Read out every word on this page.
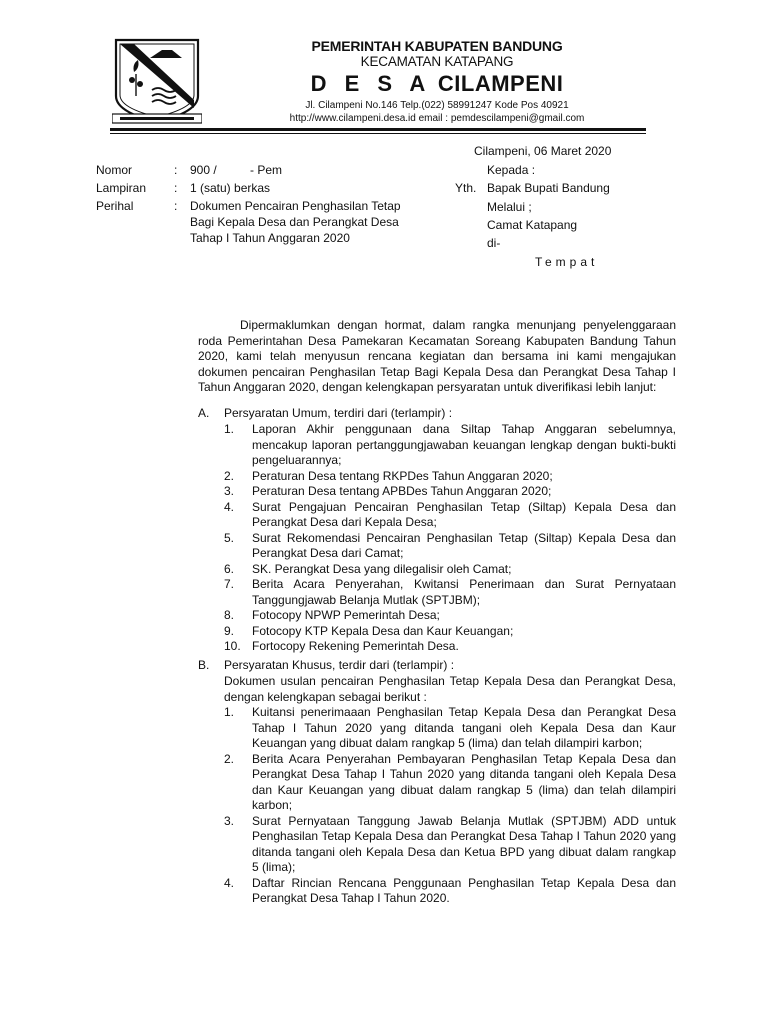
PEMERINTAH KABUPATEN BANDUNG
KECAMATAN KATAPANG
D E S A CILAMPENI
Jl. Cilampeni No.146 Telp.(022) 58991247 Kode Pos 40921
http://www.cilampeni.desa.id email : pemdescilampeni@gmail.com
Nomor	: 900 /          - Pem
Lampiran : 1 (satu) berkas
Perihal	: Dokumen Pencairan Penghasilan Tetap
Bagi Kepala Desa dan Perangkat Desa
Tahap I Tahun Anggaran 2020
Cilampeni, 06 Maret 2020
Kepada :
Yth. Bapak Bupati Bandung
Melalui ;
Camat Katapang
di-
Tempat
Dipermaklumkan dengan hormat, dalam rangka menunjang penyelenggaraan roda Pemerintahan Desa Pamekaran Kecamatan Soreang Kabupaten Bandung Tahun 2020, kami telah menyusun rencana kegiatan dan bersama ini kami mengajukan dokumen pencairan Penghasilan Tetap Bagi Kepala Desa dan Perangkat Desa Tahap I Tahun Anggaran 2020, dengan kelengkapan persyaratan untuk diverifikasi lebih lanjut:
A. Persyaratan Umum, terdiri dari (terlampir) :
1. Laporan Akhir penggunaan dana Siltap Tahap Anggaran sebelumnya, mencakup laporan pertanggungjawaban keuangan lengkap dengan bukti-bukti pengeluarannya;
2. Peraturan Desa tentang RKPDes Tahun Anggaran 2020;
3. Peraturan Desa tentang APBDes Tahun Anggaran 2020;
4. Surat Pengajuan Pencairan Penghasilan Tetap (Siltap) Kepala Desa dan Perangkat Desa dari Kepala Desa;
5. Surat Rekomendasi Pencairan Penghasilan Tetap (Siltap) Kepala Desa dan Perangkat Desa dari Camat;
6. SK. Perangkat Desa yang dilegalisir oleh Camat;
7. Berita Acara Penyerahan, Kwitansi Penerimaan dan Surat Pernyataan Tanggungjawab Belanja Mutlak (SPTJBM);
8. Fotocopy NPWP Pemerintah Desa;
9. Fotocopy KTP Kepala Desa dan Kaur Keuangan;
10. Fortocopy Rekening Pemerintah Desa.
B. Persyaratan Khusus, terdir dari (terlampir) :
Dokumen usulan pencairan Penghasilan Tetap Kepala Desa dan Perangkat Desa, dengan kelengkapan sebagai berikut :
1. Kuitansi penerimaaan Penghasilan Tetap Kepala Desa dan Perangkat Desa Tahap I Tahun 2020 yang ditanda tangani oleh Kepala Desa dan Kaur Keuangan yang dibuat dalam rangkap 5 (lima) dan telah dilampiri karbon;
2. Berita Acara Penyerahan Pembayaran Penghasilan Tetap Kepala Desa dan Perangkat Desa Tahap I Tahun 2020 yang ditanda tangani oleh Kepala Desa dan Kaur Keuangan yang dibuat dalam rangkap 5 (lima) dan telah dilampiri karbon;
3. Surat Pernyataan Tanggung Jawab Belanja Mutlak (SPTJBM) ADD untuk Penghasilan Tetap Kepala Desa dan Perangkat Desa Tahap I Tahun 2020 yang ditanda tangani oleh Kepala Desa dan Ketua BPD yang dibuat dalam rangkap 5 (lima);
4. Daftar Rincian Rencana Penggunaan Penghasilan Tetap Kepala Desa dan Perangkat Desa Tahap I Tahun 2020.
